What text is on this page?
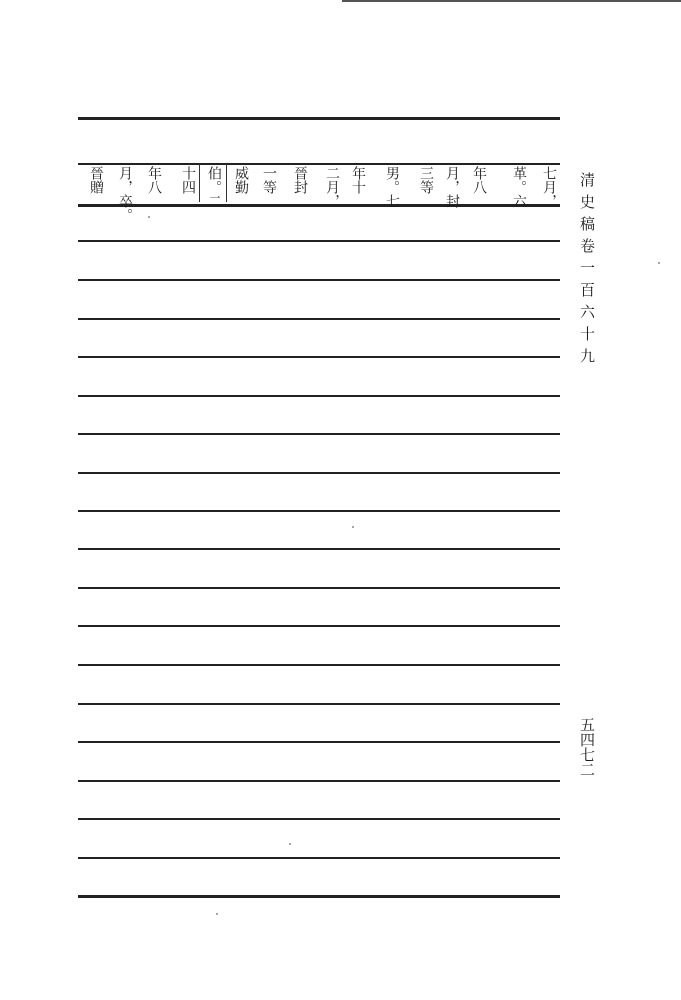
七月，
革。六
年八
月，封
三等
男。七
年十
二月，
晉封
一等
威勤
伯。二
十四
年八
月，卒。
晉贈	清史稿卷一百六十九
五四七二
